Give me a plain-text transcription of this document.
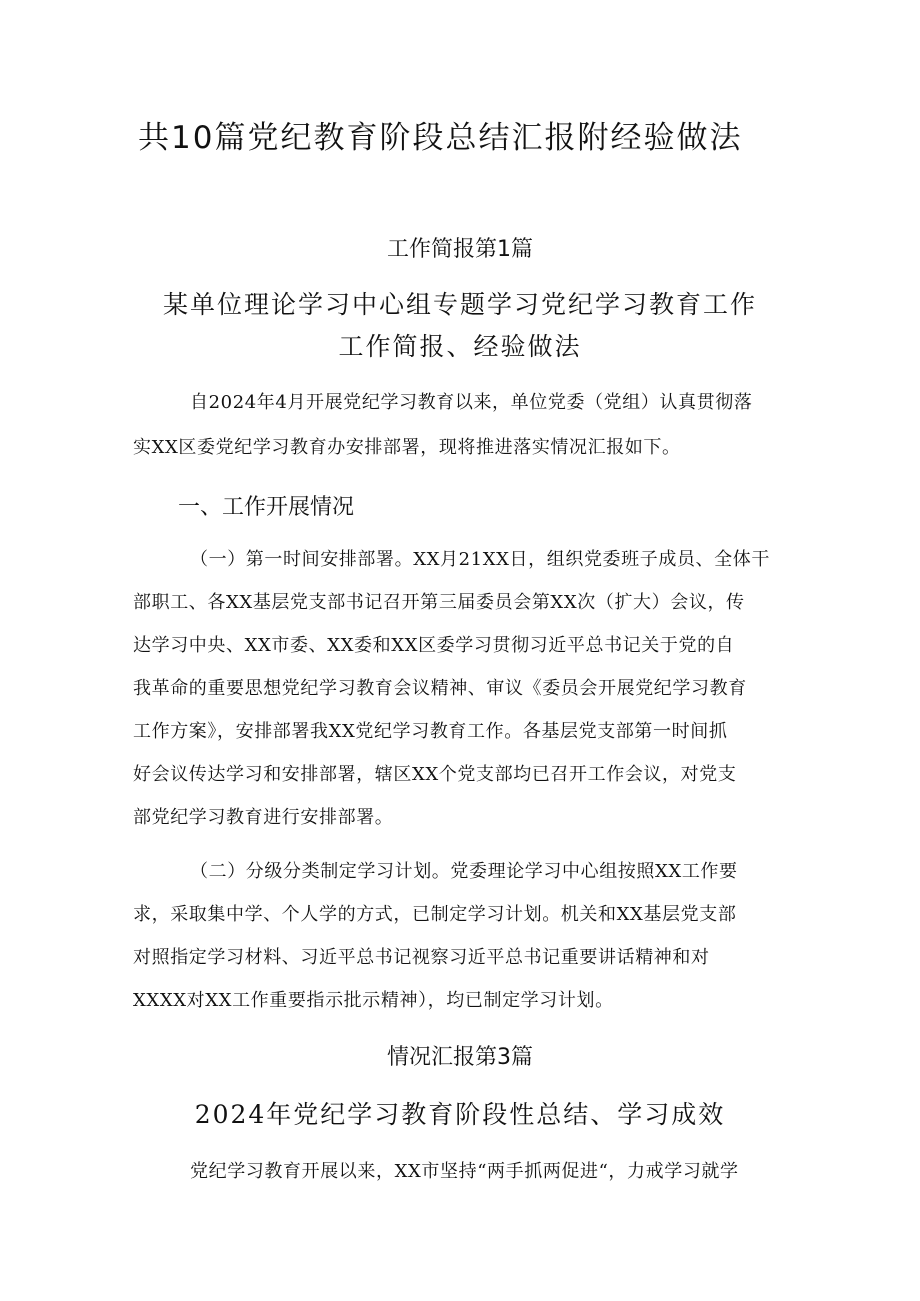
共10篇党纪教育阶段总结汇报附经验做法
工作简报第1篇
某单位理论学习中心组专题学习党纪学习教育工作
工作简报、经验做法
自2024年4月开展党纪学习教育以来，单位党委（党组）认真贯彻落
实XX区委党纪学习教育办安排部署，现将推进落实情况汇报如下。
一、工作开展情况
（一）第一时间安排部署。XX月21XX日，组织党委班子成员、全体干
部职工、各XX基层党支部书记召开第三届委员会第XX次（扩大）会议，传
达学习中央、XX市委、XX委和XX区委学习贯彻习近平总书记关于党的自
我革命的重要思想党纪学习教育会议精神、审议《委员会开展党纪学习教育
工作方案》，安排部署我XX党纪学习教育工作。各基层党支部第一时间抓
好会议传达学习和安排部署，辖区XX个党支部均已召开工作会议，对党支
部党纪学习教育进行安排部署。
（二）分级分类制定学习计划。党委理论学习中心组按照XX工作要
求，采取集中学、个人学的方式，已制定学习计划。机关和XX基层党支部
对照指定学习材料、习近平总书记视察习近平总书记重要讲话精神和对
XXXX对XX工作重要指示批示精神），均已制定学习计划。
情况汇报第3篇
2024年党纪学习教育阶段性总结、学习成效
党纪学习教育开展以来，XX市坚持“两手抓两促进“，力戒学习就学
